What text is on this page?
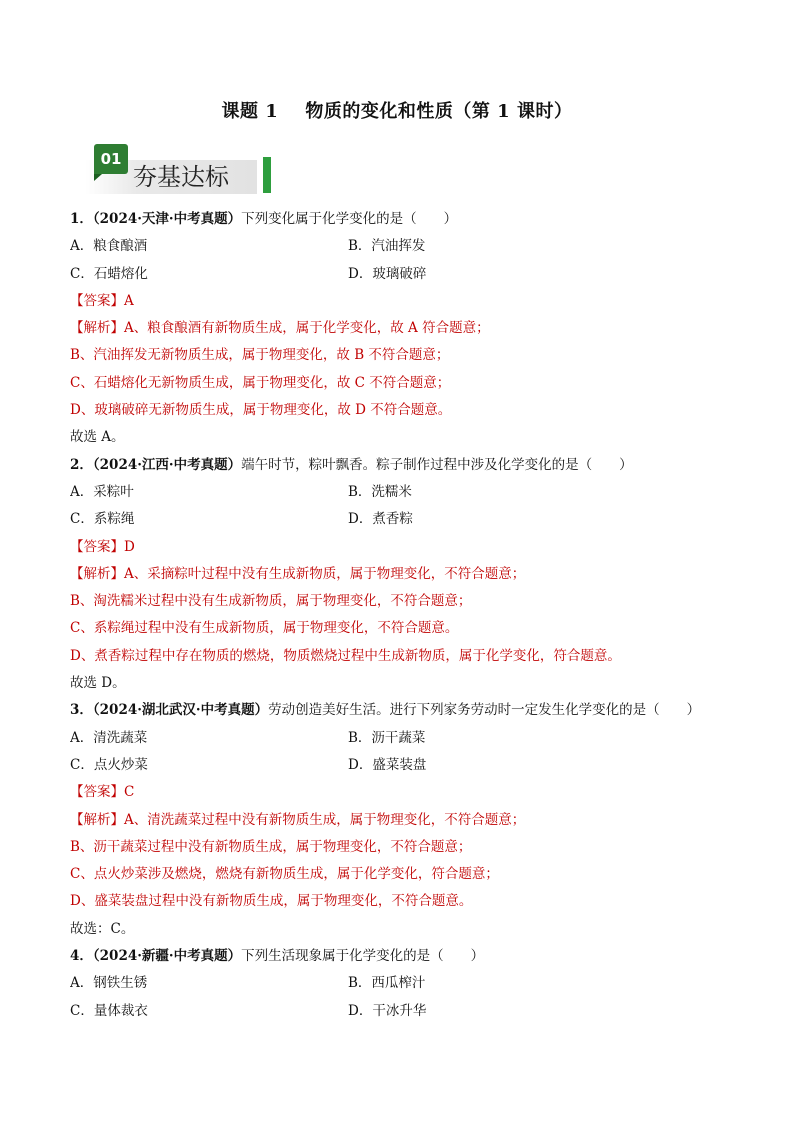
课题 1    物质的变化和性质（第 1 课时）
01
夯基达标
1．（2024·天津·中考真题）下列变化属于化学变化的是（　　）
A．粮食酿酒	B．汽油挥发
C．石蜡熔化	D．玻璃破碎
【答案】A
【解析】A、粮食酿酒有新物质生成，属于化学变化，故 A 符合题意；
B、汽油挥发无新物质生成，属于物理变化，故 B 不符合题意；
C、石蜡熔化无新物质生成，属于物理变化，故 C 不符合题意；
D、玻璃破碎无新物质生成，属于物理变化，故 D 不符合题意。
故选 A。
2．（2024·江西·中考真题）端午时节，粽叶飘香。粽子制作过程中涉及化学变化的是（　　）
A．采粽叶	B．洗糯米
C．系粽绳	D．煮香粽
【答案】D
【解析】A、采摘粽叶过程中没有生成新物质，属于物理变化，不符合题意；
B、淘洗糯米过程中没有生成新物质，属于物理变化，不符合题意；
C、系粽绳过程中没有生成新物质，属于物理变化，不符合题意。
D、煮香粽过程中存在物质的燃烧，物质燃烧过程中生成新物质，属于化学变化，符合题意。
故选 D。
3．（2024·湖北武汉·中考真题）劳动创造美好生活。进行下列家务劳动时一定发生化学变化的是（　　）
A．清洗蔬菜	B．沥干蔬菜
C．点火炒菜	D．盛菜装盘
【答案】C
【解析】A、清洗蔬菜过程中没有新物质生成，属于物理变化，不符合题意；
B、沥干蔬菜过程中没有新物质生成，属于物理变化，不符合题意；
C、点火炒菜涉及燃烧，燃烧有新物质生成，属于化学变化，符合题意；
D、盛菜装盘过程中没有新物质生成，属于物理变化，不符合题意。
故选：C。
4．（2024·新疆·中考真题）下列生活现象属于化学变化的是（　　）
A．钢铁生锈	B．西瓜榨汁
C．量体裁衣	D．干冰升华
